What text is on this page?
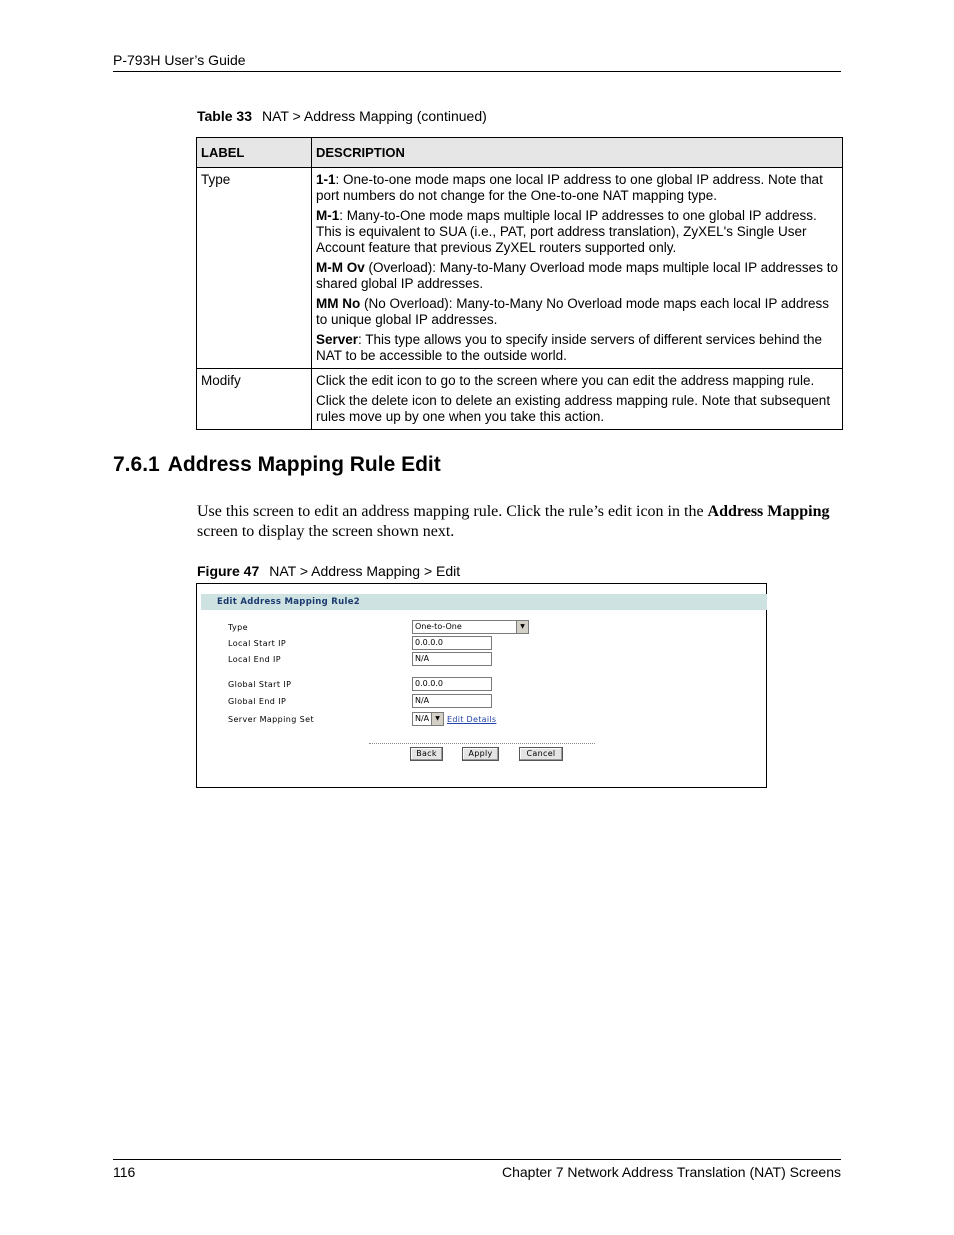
P-793H User’s Guide
Table 33 NAT > Address Mapping (continued)
LABEL	DESCRIPTION
Type	1-1: One-to-one mode maps one local IP address to one global IP address. Note that port numbers do not change for the One-to-one NAT mapping type.

M-1: Many-to-One mode maps multiple local IP addresses to one global IP address. This is equivalent to SUA (i.e., PAT, port address translation), ZyXEL's Single User Account feature that previous ZyXEL routers supported only.

M-M Ov (Overload): Many-to-Many Overload mode maps multiple local IP addresses to shared global IP addresses.

MM No (No Overload): Many-to-Many No Overload mode maps each local IP address to unique global IP addresses.

Server: This type allows you to specify inside servers of different services behind the NAT to be accessible to the outside world.

Modify	Click the edit icon to go to the screen where you can edit the address mapping rule.

Click the delete icon to delete an existing address mapping rule. Note that subsequent rules move up by one when you take this action.

7.6.1 Address Mapping Rule Edit

Use this screen to edit an address mapping rule. Click the rule’s edit icon in the Address Mapping screen to display the screen shown next.

Figure 47 NAT > Address Mapping > Edit
Edit Address Mapping Rule2
Type	One-to-One	▼
Local Start IP	0.0.0.0
Local End IP	N/A
Global Start IP	0.0.0.0
Global End IP	N/A
Server Mapping Set	N/A	▼ Edit Details
Back	Apply	Cancel
116	Chapter 7 Network Address Translation (NAT) Screens
